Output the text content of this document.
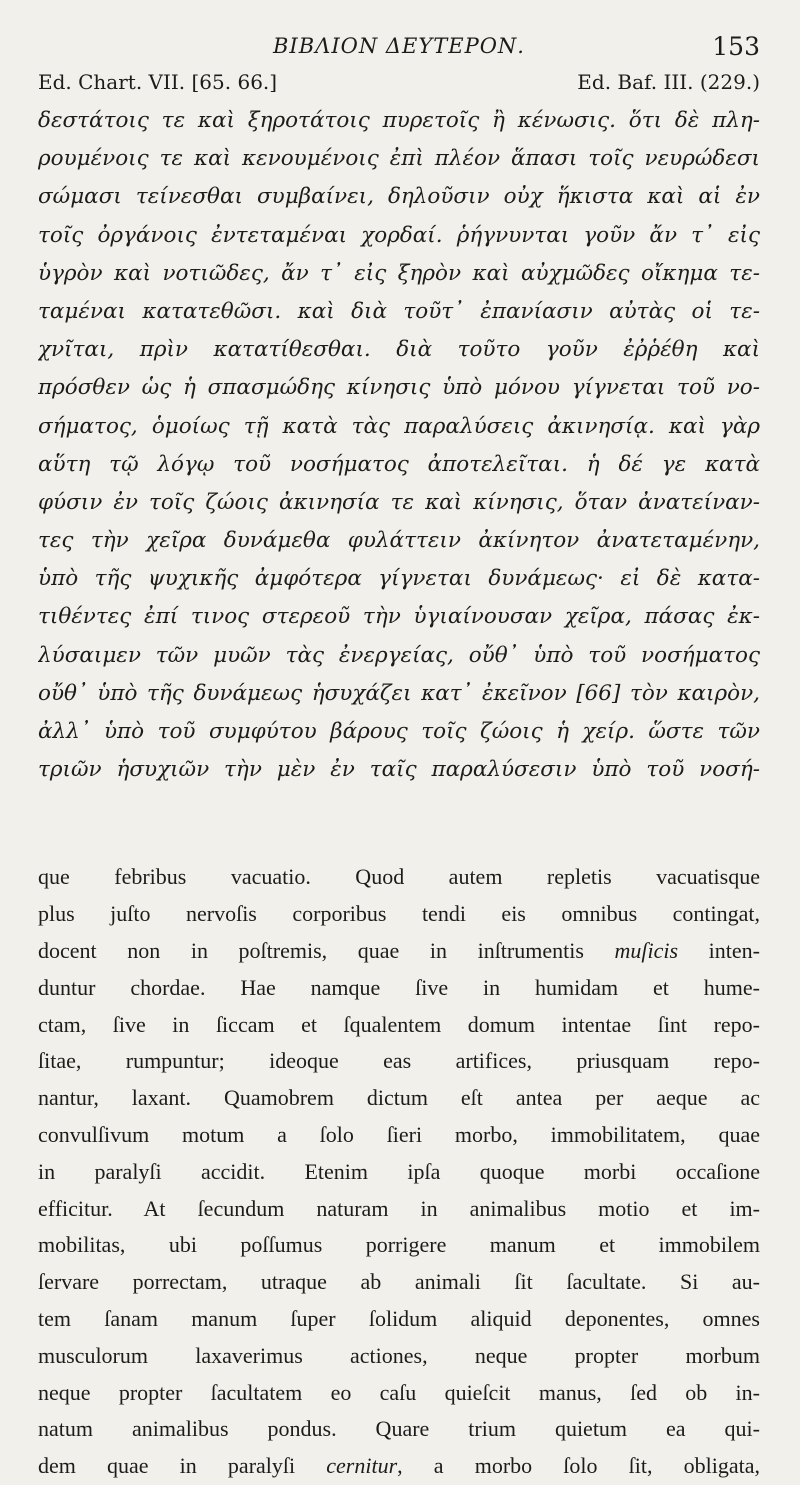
ΒΙΒΛΙΟΝ ΔΕΥΤΕΡΟΝ.	153
Ed. Chart. VII. [65. 66.]	Ed. Baf. III. (229.)
δεστάτοις τε καὶ ξηροτάτοις πυρετοῖς ἢ κένωσις. ὅτι δὲ πλη-
ρουμένοις τε καὶ κενουμένοις ἐπὶ πλέον ἅπασι τοῖς νευρώδεσι
σώμασι τείνεσθαι συμβαίνει, δηλοῦσιν οὐχ ἥκιστα καὶ αἱ ἐν
τοῖς ὀργάνοις ἐντεταμέναι χορδαί. ῥήγνυνται γοῦν ἄν τ᾽ εἰς
ὑγρὸν καὶ νοτιῶδες, ἄν τ᾽ εἰς ξηρὸν καὶ αὐχμῶδες οἴκημα τε-
ταμέναι κατατεθῶσι. καὶ διὰ τοῦτ᾽ ἐπανίασιν αὐτὰς οἱ τε-
χνῖται, πρὶν κατατίθεσθαι. διὰ τοῦτο γοῦν ἐῤῥέθη καὶ
πρόσθεν ὡς ἡ σπασμώδης κίνησις ὑπὸ μόνου γίγνεται τοῦ νο-
σήματος, ὁμοίως τῇ κατὰ τὰς παραλύσεις ἀκινησίᾳ. καὶ γὰρ
αὕτη τῷ λόγῳ τοῦ νοσήματος ἀποτελεῖται. ἡ δέ γε κατὰ
φύσιν ἐν τοῖς ζώοις ἀκινησία τε καὶ κίνησις, ὅταν ἀνατείναν-
τες τὴν χεῖρα δυνάμεθα φυλάττειν ἀκίνητον ἀνατεταμένην,
ὑπὸ τῆς ψυχικῆς ἀμφότερα γίγνεται δυνάμεως· εἰ δὲ κατα-
τιθέντες ἐπί τινος στερεοῦ τὴν ὑγιαίνουσαν χεῖρα, πάσας ἐκ-
λύσαιμεν τῶν μυῶν τὰς ἐνεργείας, οὔθ᾽ ὑπὸ τοῦ νοσήματος
οὔθ᾽ ὑπὸ τῆς δυνάμεως ἡσυχάζει κατ᾽ ἐκεῖνον [66] τὸν καιρὸν,
ἀλλ᾽ ὑπὸ τοῦ συμφύτου βάρους τοῖς ζώοις ἡ χείρ. ὥστε τῶν
τριῶν ἡσυχιῶν τὴν μὲν ἐν ταῖς παραλύσεσιν ὑπὸ τοῦ νοσή-
que febribus vacuatio. Quod autem repletis vacuatisque
plus juſto nervoſis corporibus tendi eis omnibus contingat,
docent non in poſtremis, quae in inſtrumentis muſicis inten-
duntur chordae. Hae namque ſive in humidam et hume-
ctam, ſive in ſiccam et ſqualentem domum intentae ſint repo-
ſitae, rumpuntur; ideoque eas artifices, priusquam repo-
nantur, laxant. Quamobrem dictum eſt antea per aeque ac
convulſivum motum a ſolo ſieri morbo, immobilitatem, quae
in paralyſi accidit. Etenim ipſa quoque morbi occaſione
efficitur. At ſecundum naturam in animalibus motio et im-
mobilitas, ubi poſſumus porrigere manum et immobilem
ſervare porrectam, utraque ab animali ſit ſacultate. Si au-
tem ſanam manum ſuper ſolidum aliquid deponentes, omnes
musculorum laxaverimus actiones, neque propter morbum
neque propter ſacultatem eo caſu quieſcit manus, ſed ob in-
natum animalibus pondus. Quare trium quietum ea qui-
dem quae in paralyſi cernitur, a morbo ſolo ſit, obligata,
